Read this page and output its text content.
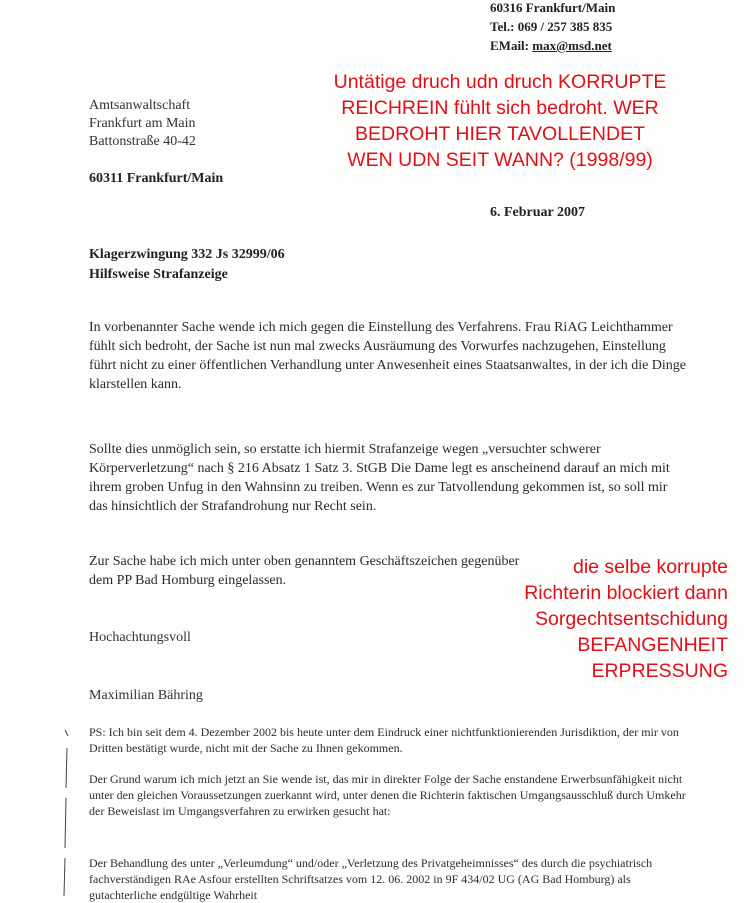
60316 Frankfurt/Main
Tel.: 069 / 257 385 835
EMail: max@msd.net
Amtsanwaltschaft
Frankfurt am Main
Battonstraße 40-42
60311 Frankfurt/Main
Untätige druch udn druch KORRUPTE
REICHREIN fühlt sich bedroht. WER
BEDROHT HIER TAVOLLENDET
WEN UDN SEIT WANN? (1998/99)
6. Februar 2007
Klagerzwingung 332 Js 32999/06
Hilfsweise Strafanzeige
In vorbenannter Sache wende ich mich gegen die Einstellung des Verfahrens. Frau RiAG Leichthammer fühlt sich bedroht, der Sache ist nun mal zwecks Ausräumung des Vorwurfes nachzugehen, Einstellung führt nicht zu einer öffentlichen Verhandlung unter Anwesenheit eines Staatsanwaltes, in der ich die Dinge klarstellen kann.
Sollte dies unmöglich sein, so erstatte ich hiermit Strafanzeige wegen „versuchter schwerer Körperverletzung“ nach § 216 Absatz 1 Satz 3. StGB Die Dame legt es anscheinend darauf an mich mit ihrem groben Unfug in den Wahnsinn zu treiben. Wenn es zur Tatvollendung gekommen ist, so soll mir das hinsichtlich der Strafandrohung nur Recht sein.
Zur Sache habe ich mich unter oben genanntem Geschäftszeichen gegenüber dem PP Bad Homburg eingelassen.
die selbe korrupte
Richterin blockiert dann
Sorgechtsentschidung
BEFANGENHEIT
ERPRESSUNG
Hochachtungsvoll
Maximilian Bähring
PS: Ich bin seit dem 4. Dezember 2002 bis heute unter dem Eindruck einer nichtfunktionierenden Jurisdiktion, der mir von Dritten bestätigt wurde, nicht mit der Sache zu Ihnen gekommen.
Der Grund warum ich mich jetzt an Sie wende ist, das mir in direkter Folge der Sache enstandene Erwerbsunfähigkeit nicht unter den gleichen Voraussetzungen zuerkannt wird, unter denen die Richterin faktischen Umgangsausschluß durch Umkehr der Beweislast im Umgangsverfahren zu erwirken gesucht hat:
Der Behandlung des unter „Verleumdung“ und/oder „Verletzung des Privatgeheimnisses“ des durch die psychiatrisch fachverständigen RAe Asfour erstellten Schriftsatzes vom 12. 06. 2002 in 9F 434/02 UG (AG Bad Homburg) als gutachterliche endgültige Wahrheit
